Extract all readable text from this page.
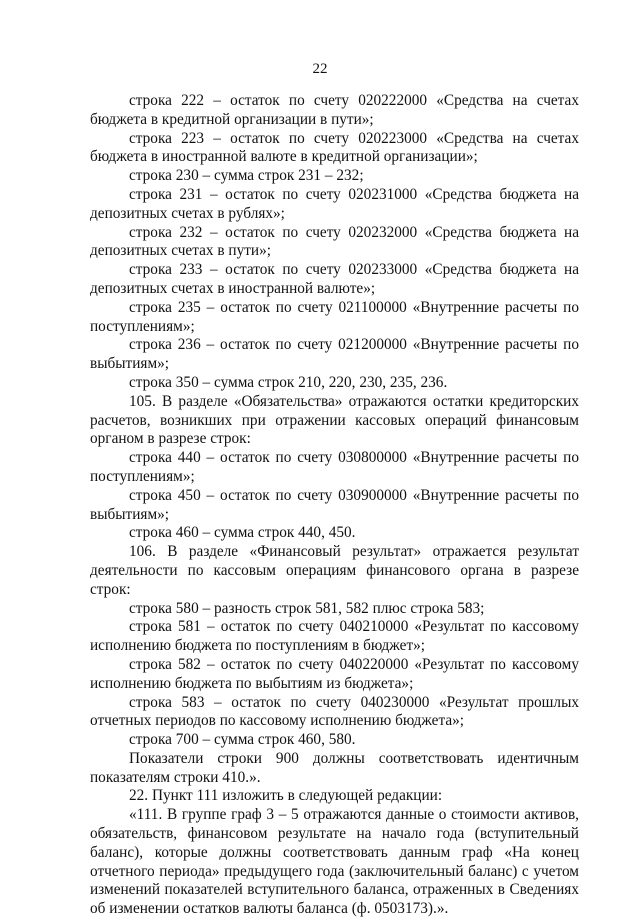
22

строка 222 – остаток по счету 020222000 «Средства на счетах бюджета в кредитной организации в пути»;

строка 223 – остаток по счету 020223000 «Средства на счетах бюджета в иностранной валюте в кредитной организации»;

строка 230 – сумма строк 231 – 232;

строка 231 – остаток по счету 020231000 «Средства бюджета на депозитных счетах в рублях»;

строка 232 – остаток по счету 020232000 «Средства бюджета на депозитных счетах в пути»;

строка 233 – остаток по счету 020233000 «Средства бюджета на депозитных счетах в иностранной валюте»;

строка 235 – остаток по счету 021100000 «Внутренние расчеты по поступлениям»;

строка 236 – остаток по счету 021200000 «Внутренние расчеты по выбытиям»;

строка 350 – сумма строк 210, 220, 230, 235, 236.

105. В разделе «Обязательства» отражаются остатки кредиторских расчетов, возникших при отражении кассовых операций финансовым органом в разрезе строк:

строка 440 – остаток по счету 030800000 «Внутренние расчеты по поступлениям»;

строка 450 – остаток по счету 030900000 «Внутренние расчеты по выбытиям»;

строка 460 – сумма строк 440, 450.

106. В разделе «Финансовый результат» отражается результат деятельности по кассовым операциям финансового органа в разрезе строк:

строка 580 – разность строк 581, 582 плюс строка 583;

строка 581 – остаток по счету 040210000 «Результат по кассовому исполнению бюджета по поступлениям в бюджет»;

строка 582 – остаток по счету 040220000 «Результат по кассовому исполнению бюджета по выбытиям из бюджета»;

строка 583 – остаток по счету 040230000 «Результат прошлых отчетных периодов по кассовому исполнению бюджета»;

строка 700 – сумма строк 460, 580.

Показатели строки 900 должны соответствовать идентичным показателям строки 410.».

22. Пункт 111 изложить в следующей редакции:

«111. В группе граф 3 – 5 отражаются данные о стоимости активов, обязательств, финансовом результате на начало года (вступительный баланс), которые должны соответствовать данным граф «На конец отчетного периода» предыдущего года (заключительный баланс) с учетом изменений показателей вступительного баланса, отраженных в Сведениях об изменении остатков валюты баланса (ф. 0503173).».
